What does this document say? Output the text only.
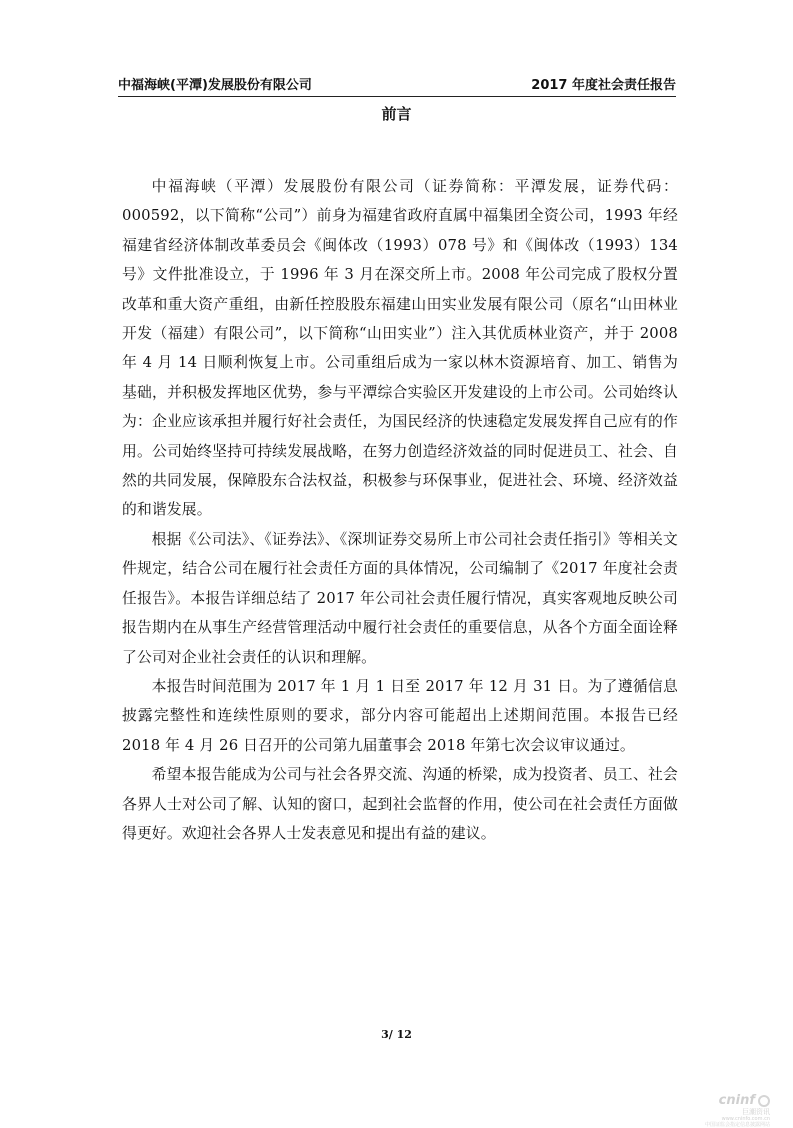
中福海峡(平潭)发展股份有限公司	2017 年度社会责任报告
前言

中福海峡（平潭）发展股份有限公司（证券简称：平潭发展，证券代码：000592，以下简称“公司”）前身为福建省政府直属中福集团全资公司，1993 年经福建省经济体制改革委员会《闽体改（1993）078 号》和《闽体改（1993）134 号》文件批准设立，于 1996 年 3 月在深交所上市。2008 年公司完成了股权分置改革和重大资产重组，由新任控股股东福建山田实业发展有限公司（原名“山田林业开发（福建）有限公司”，以下简称“山田实业”）注入其优质林业资产，并于 2008 年 4 月 14 日顺利恢复上市。公司重组后成为一家以林木资源培育、加工、销售为基础，并积极发挥地区优势，参与平潭综合实验区开发建设的上市公司。公司始终认为：企业应该承担并履行好社会责任，为国民经济的快速稳定发展发挥自己应有的作用。公司始终坚持可持续发展战略，在努力创造经济效益的同时促进员工、社会、自然的共同发展，保障股东合法权益，积极参与环保事业，促进社会、环境、经济效益的和谐发展。

根据《公司法》、《证券法》、《深圳证券交易所上市公司社会责任指引》等相关文件规定，结合公司在履行社会责任方面的具体情况，公司编制了《2017 年度社会责任报告》。本报告详细总结了 2017 年公司社会责任履行情况，真实客观地反映公司报告期内在从事生产经营管理活动中履行社会责任的重要信息，从各个方面全面诠释了公司对企业社会责任的认识和理解。

本报告时间范围为 2017 年 1 月 1 日至 2017 年 12 月 31 日。为了遵循信息披露完整性和连续性原则的要求，部分内容可能超出上述期间范围。本报告已经 2018 年 4 月 26 日召开的公司第九届董事会 2018 年第七次会议审议通过。

希望本报告能成为公司与社会各界交流、沟通的桥梁，成为投资者、员工、社会各界人士对公司了解、认知的窗口，起到社会监督的作用，使公司在社会责任方面做得更好。欢迎社会各界人士发表意见和提出有益的建议。

3/ 12
cninf
巨潮资讯
www.cninfo.com.cn
中国证监会指定信息披露网站
